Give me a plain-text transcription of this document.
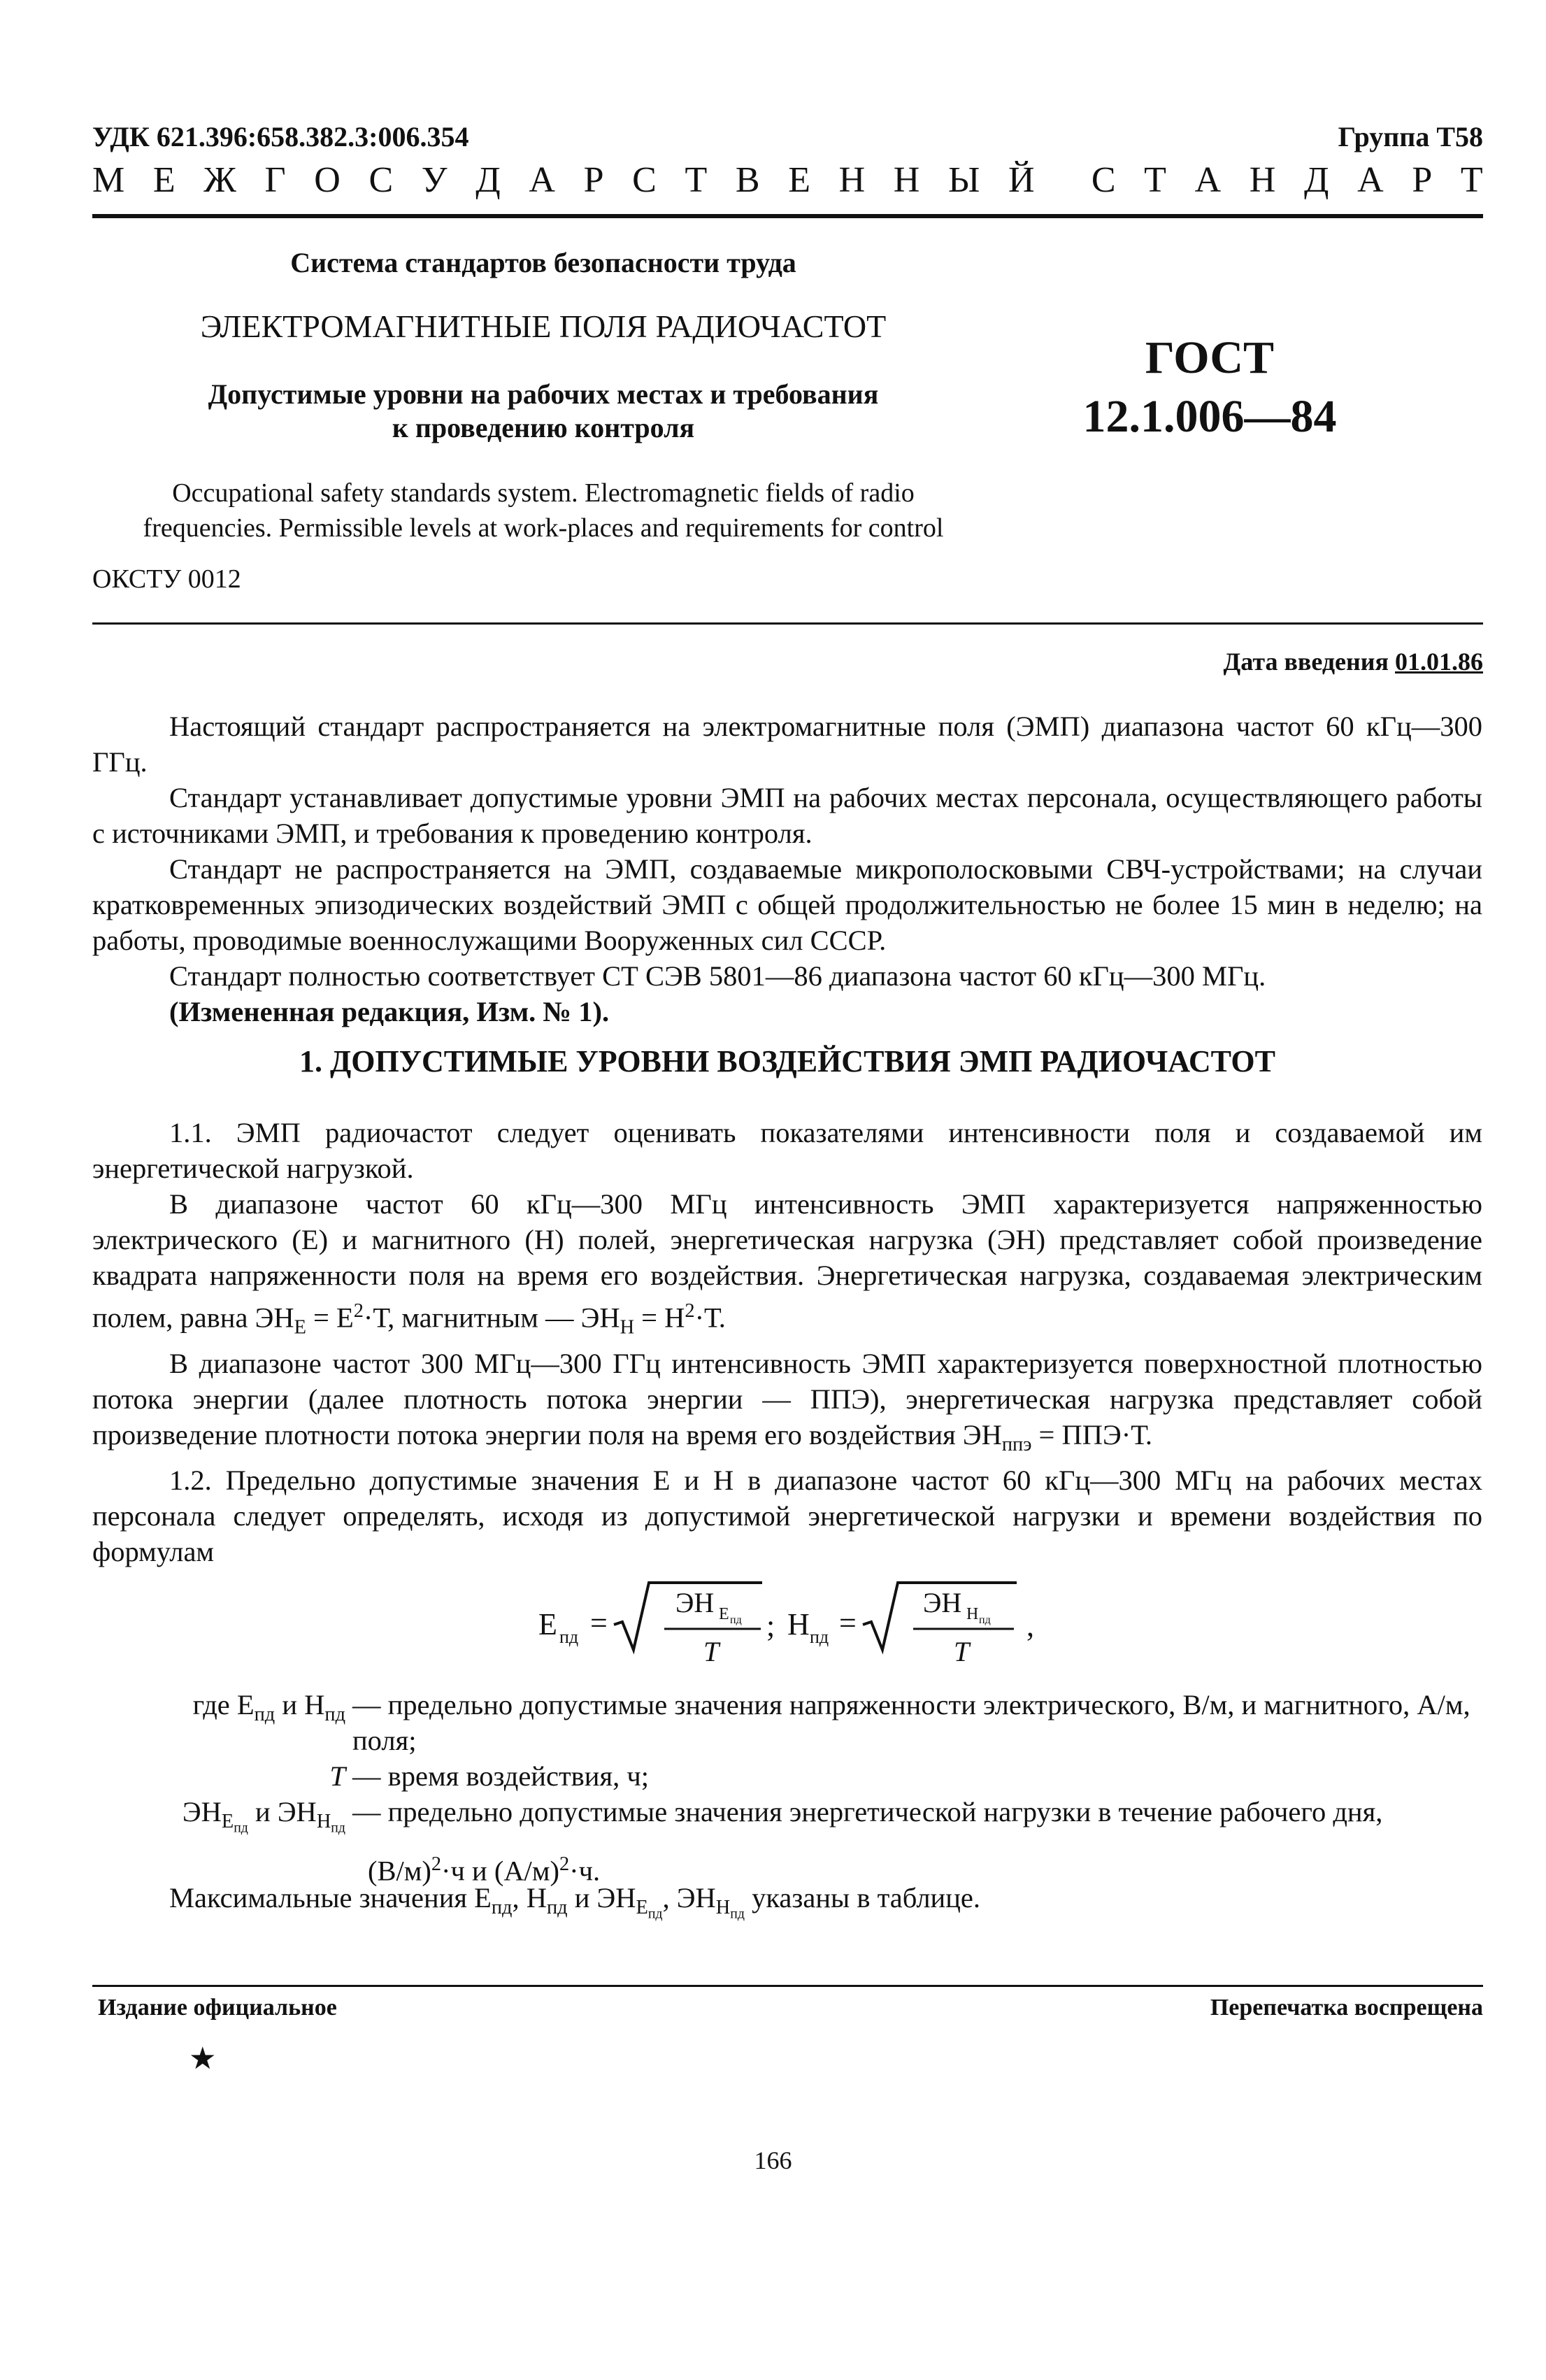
УДК 621.396:658.382.3:006.354	Группа Т58
М Е Ж Г О С У Д А Р С Т В Е Н Н Ы Й С Т А Н Д А Р Т
Система стандартов безопасности труда
ЭЛЕКТРОМАГНИТНЫЕ ПОЛЯ РАДИОЧАСТОТ
Допустимые уровни на рабочих местах и требования
к проведению контроля
ГОСТ
12.1.006—84
Occupational safety standards system. Electromagnetic fields of radio
frequencies. Permissible levels at work-places and requirements for control
ОКСТУ 0012
Дата введения 01.01.86

Настоящий стандарт распространяется на электромагнитные поля (ЭМП) диапазона частот 60 кГц—300 ГГц.

Стандарт устанавливает допустимые уровни ЭМП на рабочих местах персонала, осуществляющего работы с источниками ЭМП, и требования к проведению контроля.

Стандарт не распространяется на ЭМП, создаваемые микрополосковыми СВЧ-устройствами; на случаи кратковременных эпизодических воздействий ЭМП с общей продолжительностью не более 15 мин в неделю; на работы, проводимые военнослужащими Вооруженных сил СССР.

Стандарт полностью соответствует СТ СЭВ 5801—86 диапазона частот 60 кГц—300 МГц.

(Измененная редакция, Изм. № 1).

1. ДОПУСТИМЫЕ УРОВНИ ВОЗДЕЙСТВИЯ ЭМП РАДИОЧАСТОТ

1.1. ЭМП радиочастот следует оценивать показателями интенсивности поля и создаваемой им энергетической нагрузкой.

В диапазоне частот 60 кГц—300 МГц интенсивность ЭМП характеризуется напряженностью электрического (Е) и магнитного (Н) полей, энергетическая нагрузка (ЭН) представляет собой произведение квадрата напряженности поля на время его воздействия. Энергетическая нагрузка, создаваемая электрическим полем, равна $ЭН_Е = Е^2\cdot Т$, магнитным — $ЭН_Н = Н^2\cdot Т$.

В диапазоне частот 300 МГц—300 ГГц интенсивность ЭМП характеризуется поверхностной плотностью потока энергии (далее плотность потока энергии — ППЭ), энергетическая нагрузка представляет собой произведение плотности потока энергии поля на время его воздействия $ЭН_{ппэ} = ППЭ\cdot Т$.

1.2. Предельно допустимые значения Е и Н в диапазоне частот 60 кГц—300 МГц на рабочих местах персонала следует определять, исходя из допустимой энергетической нагрузки и времени воздействия по формулам

Е пд =
ЭН Е пд
T
; Н пд =
ЭН Н пд
T
,
где $Е_{пд}$ и $Н_{пд}$ — предельно допустимые значения напряженности электрического, В/м, и магнитного, А/м, поля;
T — время воздействия, ч;
$ЭН_{Е_{пд}}$ и $ЭН_{Н_{пд}}$
— предельно допустимые значения энергетической нагрузки в течение рабочего дня,
$(В/м)^2\cdot ч$ и $(А/м)^2\cdot ч$.
Максимальные значения $Е_{пд}$, $Н_{пд}$ и $ЭН_{Е_{пд}}$, $ЭН_{Н_{пд}}$ указаны в таблице.
Издание официальное	Перепечатка воспрещена
★
166
